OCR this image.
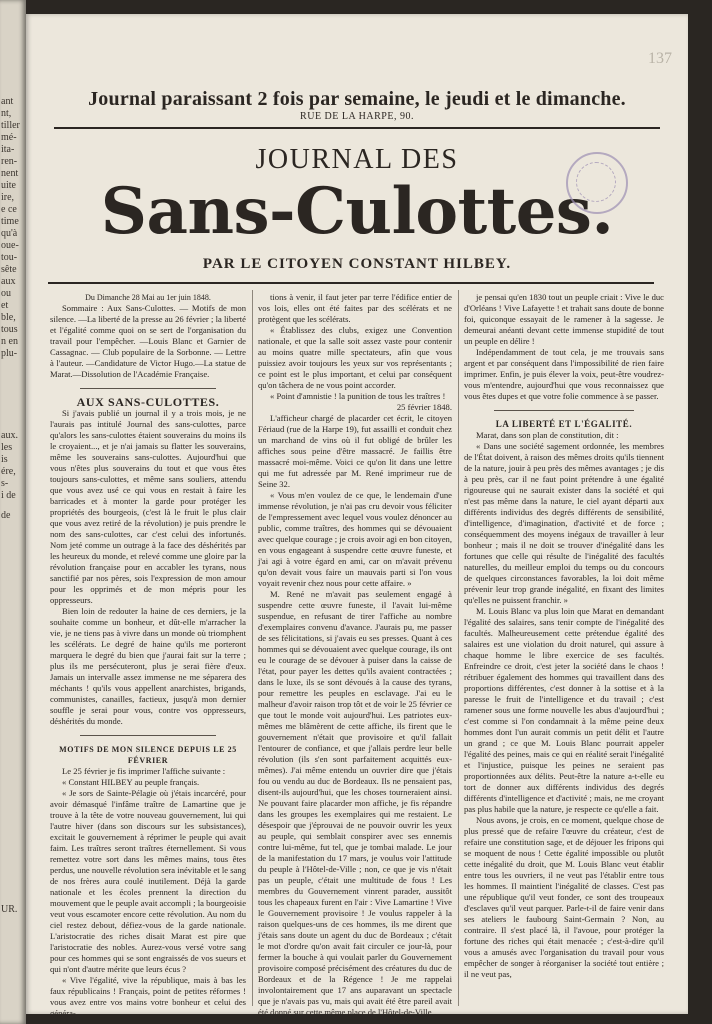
ant
nt,
tiller
mé-
ita-
ren-
nent
uite
ire,
e ce
time
qu'à
oue-
tou-
sête
aux
ou
et
ble,
tous
n en
plu-
aux.
les
is
ére,
s-
i de
de
UR.
137
Journal paraissant 2 fois par semaine, le jeudi et le dimanche.
RUE DE LA HARPE, 90.
JOURNAL DES
Sans-Culottes.
PAR LE CITOYEN CONSTANT HILBEY.

Du Dimanche 28 Mai au 1er juin 1848.

Sommaire : Aux Sans-Culottes. — Motifs de mon silence. —La liberté de la presse au 26 février ; la liberté et l'égalité comme quoi on se sert de l'organisation du travail pour l'empêcher. —Louis Blanc et Garnier de Cassagnac. — Club populaire de la Sorbonne. — Lettre à l'auteur. —Candidature de Victor Hugo.—La statue de Marat.—Dissolution de l'Académie Française.

AUX SANS-CULOTTES.

Si j'avais publié un journal il y a trois mois, je ne l'aurais pas intitulé Journal des sans-culottes, parce qu'alors les sans-culottes étaient souverains du moins ils le croyaient..., et je n'ai jamais su flatter les souverains, même les souverains sans-culottes. Aujourd'hui que vous n'êtes plus souverains du tout et que vous êtes toujours sans-culottes, et même sans souliers, attendu que vous avez usé ce qui vous en restait à faire les barricades et à monter la garde pour protéger les propriétés des bourgeois, (c'est là le fruit le plus clair que vous avez retiré de la révolution) je puis prendre le nom des sans-culottes, car c'est celui des infortunés. Nom jeté comme un outrage à la face des déshérités par les heureux du monde, et relevé comme une gloire par la révolution française pour en accabler les tyrans, nous sanctifié par nos pères, sois l'expression de mon amour pour les opprimés et de mon mépris pour les oppresseurs.

Bien loin de redouter la haine de ces derniers, je la souhaite comme un bonheur, et dût-elle m'arracher la vie, je ne tiens pas à vivre dans un monde où triomphent les scélérats. Le degré de haine qu'ils me porteront marquera le degré du bien que j'aurai fait sur la terre ; plus ils me persécuteront, plus je serai fière d'eux. Jamais un intervalle assez immense ne me séparera des méchants ! qu'ils vous appellent anarchistes, brigands, communistes, canailles, factieux, jusqu'à mon dernier souffle je serai pour vous, contre vos oppresseurs, déshérités du monde.

MOTIFS DE MON SILENCE DEPUIS LE 25 FÉVRIER

Le 25 février je fis imprimer l'affiche suivante :

« Constant HILBEY au peuple français.

« Je sors de Sainte-Pélagie où j'étais incarcéré, pour avoir démasqué l'infâme traître de Lamartine que je trouve à la tête de votre nouveau gouvernement, lui qui l'autre hiver (dans son discours sur les subsistances), excitait le gouvernement à réprimer le peuple qui avait faim. Les traîtres seront traîtres éternellement. Si vous remettez votre sort dans les mêmes mains, tous êtes perdus, une nouvelle révolution sera inévitable et le sang de nos frères aura coulé inutilement. Déjà la garde nationale et les écoles prennent la direction du mouvement que le peuple avait accompli ; la bourgeoisie veut vous escamoter encore cette révolution. Au nom du ciel restez debout, défiez-vous de la garde nationale. L'aristocratie des riches disait Marat est pire que l'aristocratie des nobles. Aurez-vous versé votre sang pour ces hommes qui se sont engraissés de vos sueurs et qui n'ont d'autre mérite que leurs écus ?

« Vive l'égalité, vive la république, mais à bas les faux républicains ! Français, point de petites réformes ! vous avez entre vos mains votre bonheur et celui des généra-

tions à venir, il faut jeter par terre l'édifice entier de vos lois, elles ont été faites par des scélérats et ne protègent que les scélérats.

« Établissez des clubs, exigez une Convention nationale, et que la salle soit assez vaste pour contenir au moins quatre mille spectateurs, afin que vous puissiez avoir toujours les yeux sur vos représentants ; ce point est le plus important, et celui par conséquent qu'on tâchera de ne vous point accorder.

« Point d'amnistie ! la punition de tous les traîtres !

25 février 1848.

L'afficheur chargé de placarder cet écrit, le citoyen Fériaud (rue de la Harpe 19), fut assailli et conduit chez un marchand de vins où il fut obligé de brûler les affiches sous peine d'être massacré. Je faillis être massacré moi-même. Voici ce qu'on lit dans une lettre qui me fut adressée par M. René imprimeur rue de Seine 32.

« Vous m'en voulez de ce que, le lendemain d'une immense révolution, je n'ai pas cru devoir vous féliciter de l'empressement avec lequel vous voulez dénoncer au public, comme traîtres, des hommes qui se dévouaient avec quelque courage ; je crois avoir agi en bon citoyen, en vous engageant à suspendre cette œuvre funeste, et j'ai agi à votre égard en ami, car on m'avait prévenu qu'on devait vous faire un mauvais parti si l'on vous voyait revenir chez nous pour cette affaire. »

M. René ne m'avait pas seulement engagé à suspendre cette œuvre funeste, il l'avait lui-même suspendue, en refusant de tirer l'affiche au nombre d'exemplaires convenu d'avance. J'aurais pu, me passer de ses félicitations, si j'avais eu ses presses. Quant à ces hommes qui se dévouaient avec quelque courage, ils ont eu le courage de se dévouer à puiser dans la caisse de l'état, pour payer les dettes qu'ils avaient contractées ; dans le luxe, ils se sont dévoués à la cause des tyrans, pour remettre les peuples en esclavage. J'ai eu le malheur d'avoir raison trop tôt et de voir le 25 février ce que tout le monde voit aujourd'hui. Les patriotes eux-mêmes me blâmèrent de cette affiche, ils firent que le gouvernement n'était que provisoire et qu'il fallait l'entourer de confiance, et que j'allais perdre leur belle révolution (ils s'en sont parfaitement acquittés eux-mêmes). J'ai même entendu un ouvrier dire que j'étais fou ou vendu au duc de Bordeaux. Ils ne pensaient pas, disent-ils aujourd'hui, que les choses tourneraient ainsi. Ne pouvant faire placarder mon affiche, je fis répandre dans les groupes les exemplaires qui me restaient. Le désespoir que j'éprouvai de ne pouvoir ouvrir les yeux au peuple, qui semblait conspirer avec ses ennemis contre lui-même, fut tel, que je tombai malade. Le jour de la manifestation du 17 mars, je voulus voir l'attitude du peuple à l'Hôtel-de-Ville ; non, ce que je vis n'était pas un peuple, c'était une multitude de fous ! Les membres du Gouvernement vinrent parader, aussitôt tous les chapeaux furent en l'air : Vive Lamartine ! Vive le Gouvernement provisoire ! Je voulus rappeler à la raison quelques-uns de ces hommes, ils me dirent que j'étais sans doute un agent du duc de Bordeaux ; c'était le mot d'ordre qu'on avait fait circuler ce jour-là, pour fermer la bouche à qui voulait parler du Gouvernement provisoire composé précisément des créatures du duc de Bordeaux et de la Régence ! Je me rappelai involontairement que 17 ans auparavant un spectacle que je n'avais pas vu, mais qui avait été être pareil avait été donné sur cette même place de l'Hôtel-de-Ville,

je pensai qu'en 1830 tout un peuple criait : Vive le duc d'Orléans ! Vive Lafayette ! et trahait sans doute de bonne foi, quiconque essayait de le ramener à la sagesse. Je demeurai anéanti devant cette immense stupidité de tout un peuple en délire !

Indépendamment de tout cela, je me trouvais sans argent et par conséquent dans l'impossibilité de rien faire imprimer. Enfin, je puis élever la voix, peut-être voudrez-vous m'entendre, aujourd'hui que vous reconnaissez que vous êtes dupes et que votre folie commence à se passer.

LA LIBERTÉ ET L'ÉGALITÉ.

Marat, dans son plan de constitution, dit :

« Dans une société sagement ordonnée, les membres de l'État doivent, à raison des mêmes droits qu'ils tiennent de la nature, jouir à peu près des mêmes avantages ; je dis à peu près, car il ne faut point prétendre à une égalité rigoureuse qui ne saurait exister dans la société et qui n'est pas même dans la nature, le ciel ayant départi aux différents individus des degrés différents de sensibilité, d'intelligence, d'imagination, d'activité et de force ; conséquemment des moyens inégaux de travailler à leur bonheur ; mais il ne doit se trouver d'inégalité dans les fortunes que celle qui résulte de l'inégalité des facultés naturelles, du meilleur emploi du temps ou du concours de quelques circonstances favorables, la loi doit même prévenir leur trop grande inégalité, en fixant des limites qu'elles ne puissent franchir. »

M. Louis Blanc va plus loin que Marat en demandant l'égalité des salaires, sans tenir compte de l'inégalité des facultés. Malheureusement cette prétendue égalité des salaires est une violation du droit naturel, qui assure à chaque homme le libre exercice de ses facultés. Enfreindre ce droit, c'est jeter la société dans le chaos ! rétribuer également des hommes qui travaillent dans des proportions différentes, c'est donner à la sottise et à la paresse le fruit de l'intelligence et du travail ; c'est ramener sous une forme nouvelle les abus d'aujourd'hui ; c'est comme si l'on condamnait à la même peine deux hommes dont l'un aurait commis un petit délit et l'autre un grand ; ce que M. Louis Blanc pourrait appeler l'égalité des peines, mais ce qui en réalité serait l'inégalité et l'injustice, puisque les peines ne seraient pas proportionnées aux délits. Peut-être la nature a-t-elle eu tort de donner aux différents individus des degrés différents d'intelligence et d'activité ; mais, ne me croyant pas plus habile que la nature, je respecte ce qu'elle a fait.

Nous avons, je crois, en ce moment, quelque chose de plus pressé que de refaire l'œuvre du créateur, c'est de refaire une constitution sage, et de déjouer les fripons qui se moquent de nous ! Cette égalité impossible ou plutôt cette inégalité du droit, que M. Louis Blanc veut établir entre tous les ouvriers, il ne veut pas l'établir entre tous les hommes. Il maintient l'inégalité de classes. C'est pas une république qu'il veut fonder, ce sont des troupeaux d'esclaves qu'il veut parquer. Parle-t-il de faire venir dans ses ateliers le faubourg Saint-Germain ? Non, au contraire. Il s'est placé là, il l'avoue, pour protéger la fortune des riches qui était menacée ; c'est-à-dire qu'il vous a amusés avec l'organisation du travail pour vous empêcher de songer à réorganiser la société tout entière ; il ne veut pas,
